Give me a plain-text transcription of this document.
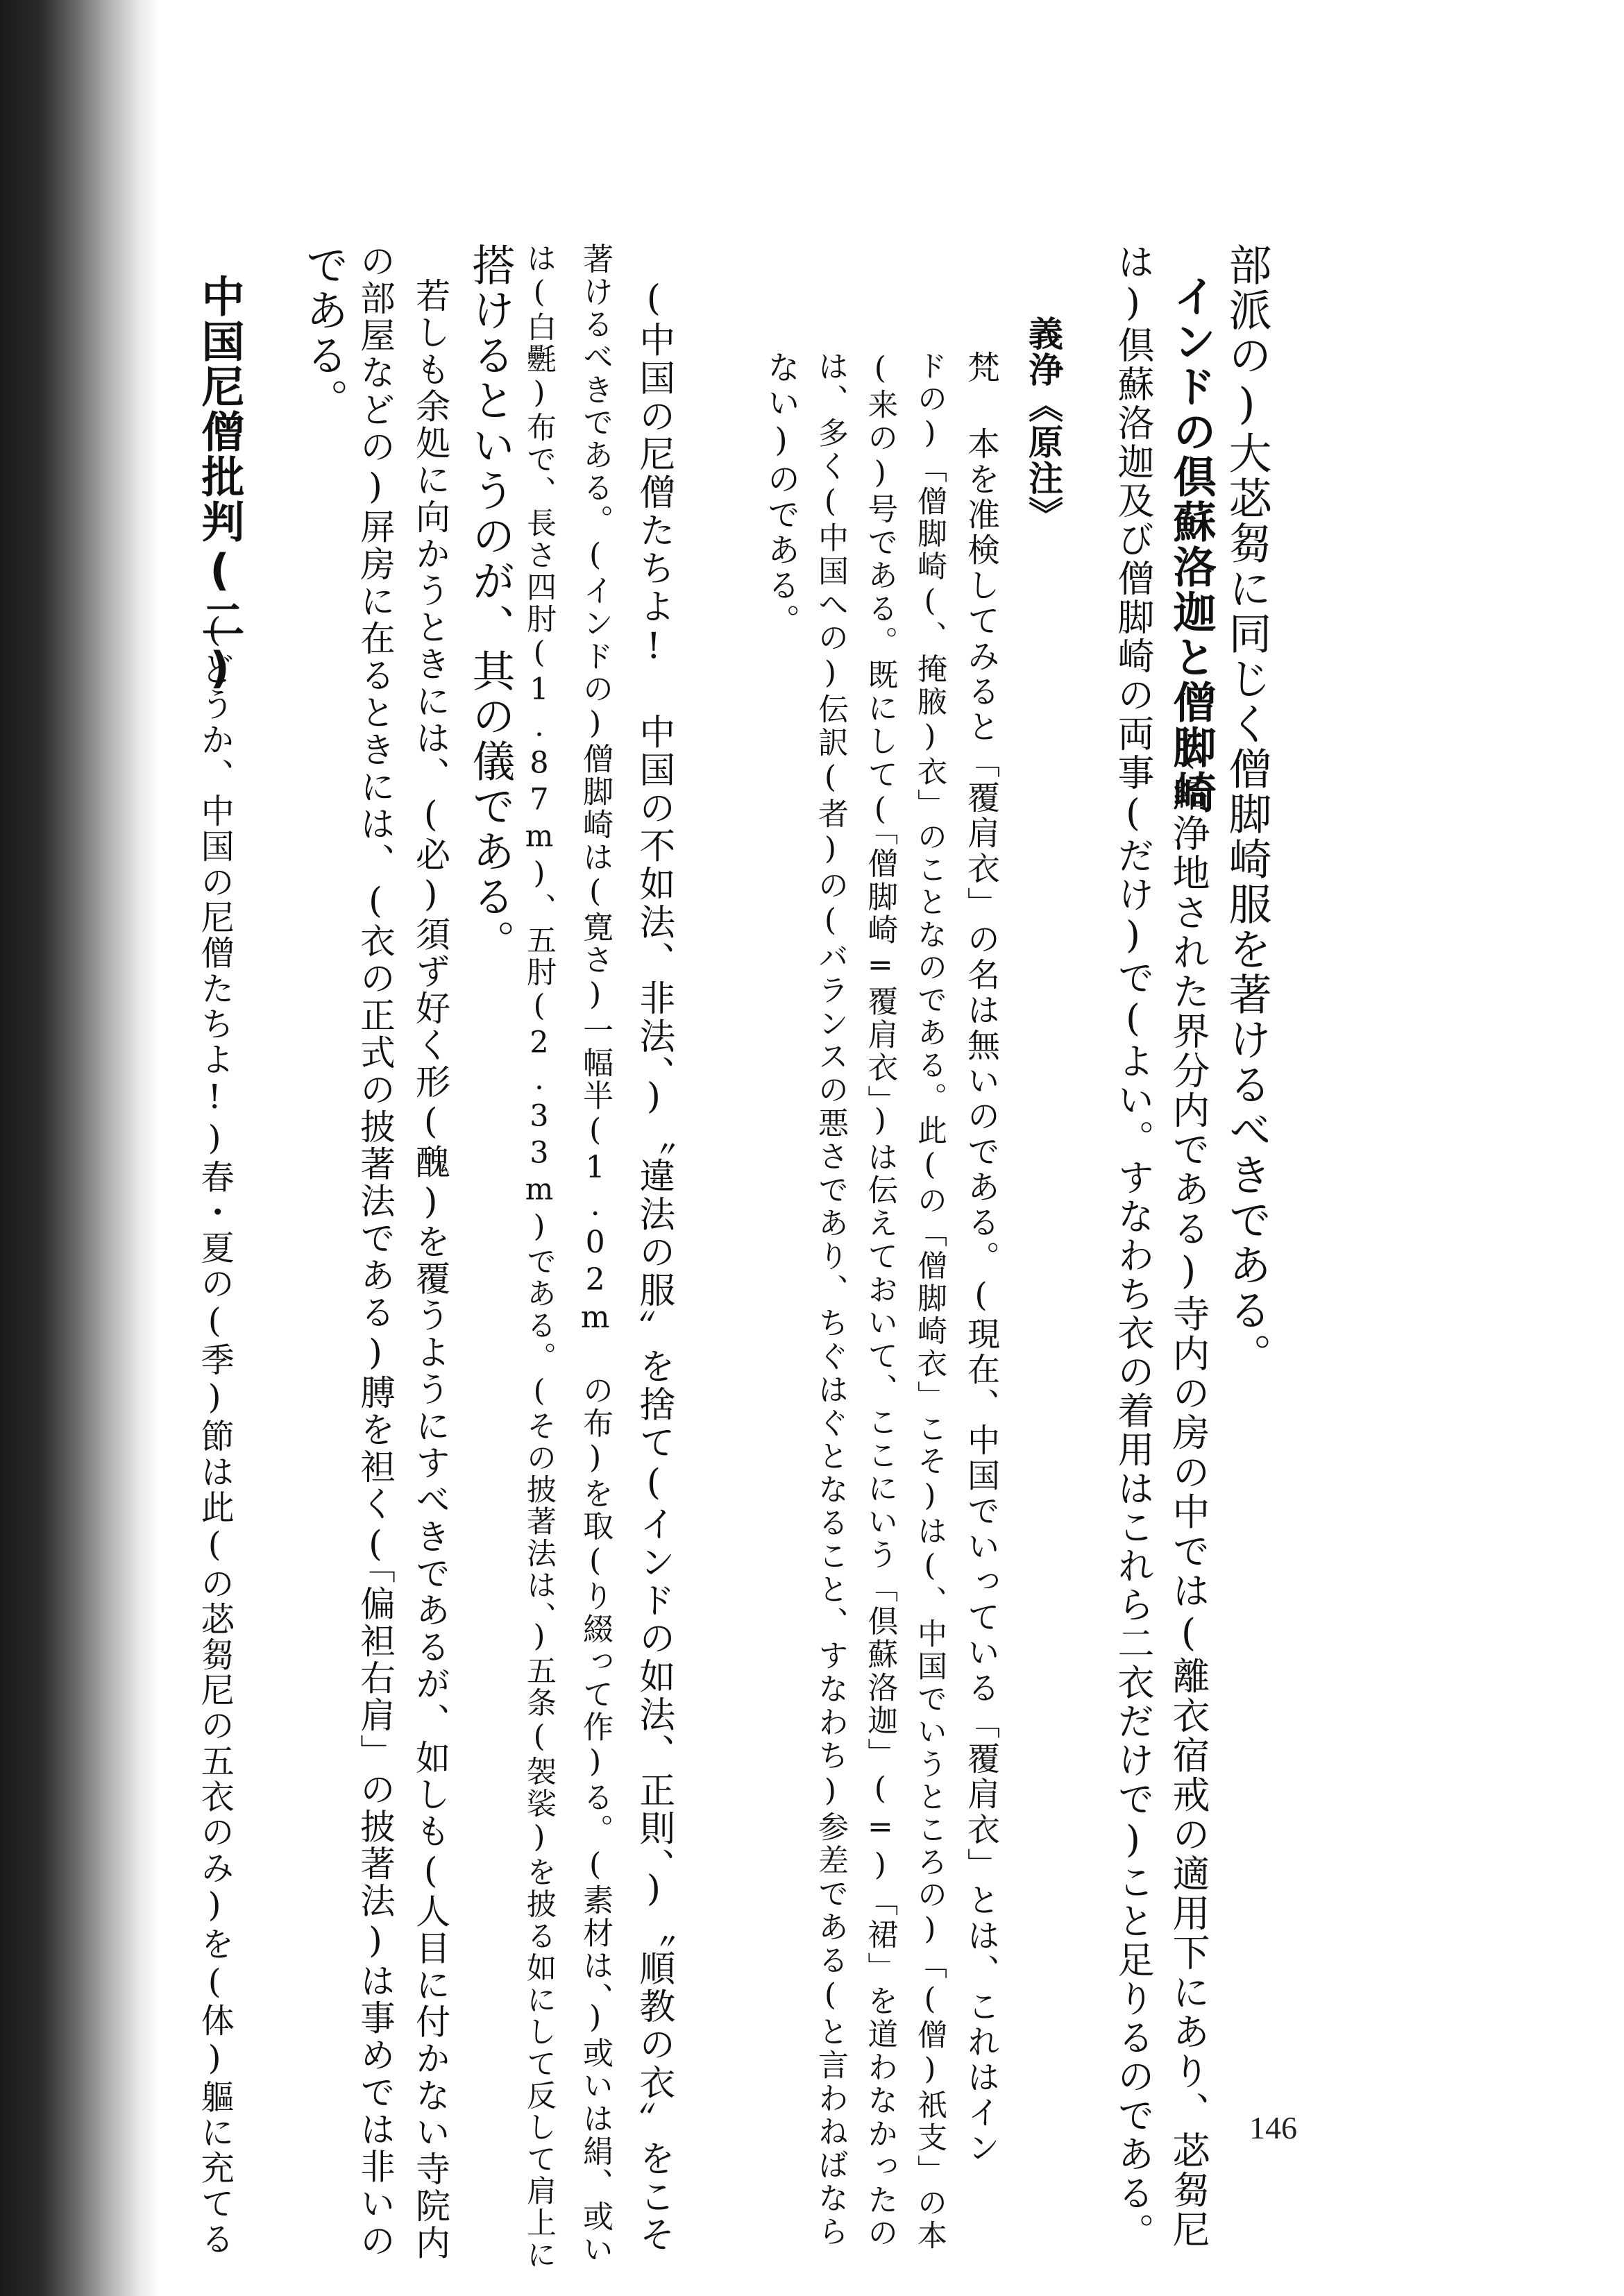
部派の)大苾芻に同じく僧脚崎服を著けるべきである。
インドの倶蘇洛迦と僧脚崎
(結浄地された界分内である)寺内の房の中では(離衣宿戒の適用下にあり、苾芻尼
は)倶蘇洛迦及び僧脚崎の両事(だけ)で(よい。すなわち衣の着用はこれら二衣だけで)こと足りるのである。
義浄《原注》
梵 本を准検してみると「覆肩衣」の名は無いのである。(現在、中国でいっている「覆肩衣」とは、これはイン
ドの)「僧脚崎(、掩腋)衣」のことなのである。此(の「僧脚崎衣」こそ)は(、中国でいうところの)「(僧)祇支」の本
(来の)号である。既にして(「僧脚崎=覆肩衣」)は伝えておいて、ここにいう「倶蘇洛迦」(=)「裙」を道わなかったの
は、多く(中国への)伝訳(者)の(バランスの悪さであり、ちぐはぐとなること、すなわち)参差である(と言わねばなら
ない)のである。
(中国の尼僧たちよ! 中国の不如法、非法、)〝違法の服〟を捨て(インドの如法、正則、)〝順教の衣〟をこそ
著けるべきである。(インドの)僧脚崎は(寛さ)一幅半(1.02m の布)を取(り綴って作)る。(素材は、)或いは絹、或い
は(白氎)布で、長さ四肘(1.87m)、五肘(2.33m)である。(その披著法は、)五条(袈裟)を披る如にして反して肩上に
搭けるというのが、其の儀である。
若しも余処に向かうときには、(必)須ず好く形(醜)を覆うようにすべきであるが、如しも(人目に付かない寺院内
の部屋などの)屏房に在るときには、(衣の正式の披著法である)膊を袒く(「偏袒右肩」の披著法)は事めでは非いの
である。
中国尼僧批判(二)
(どうか、中国の尼僧たちよ!)春・夏の(季)節は此(の苾芻尼の五衣のみ)を(体)軀に充てる	146
